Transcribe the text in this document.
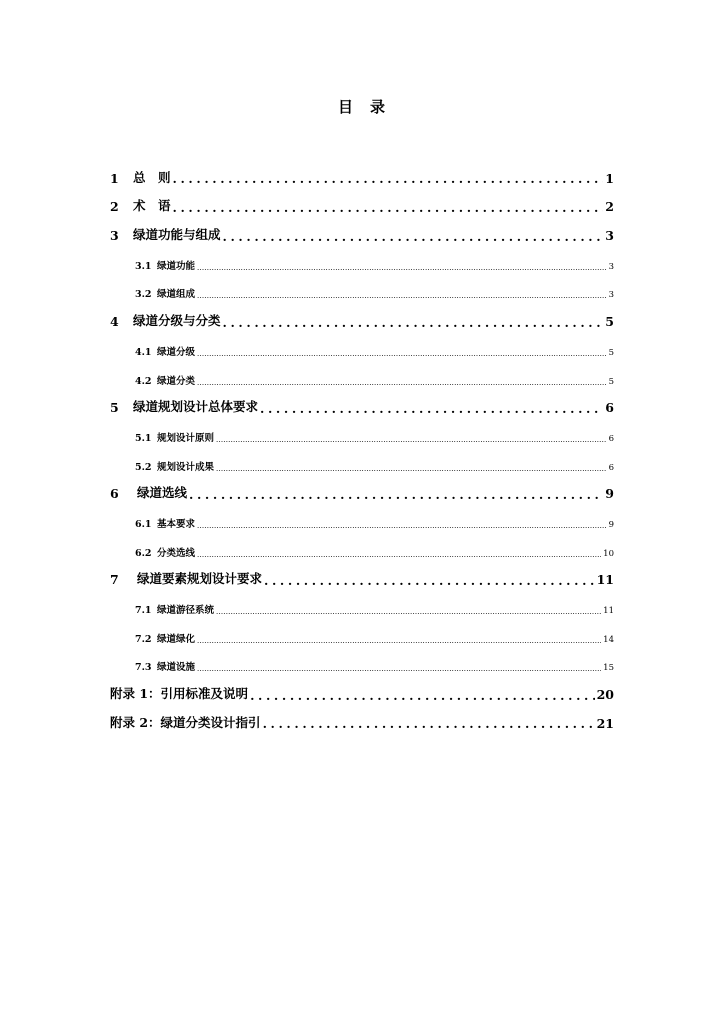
目　录
1	总　则 .....	1
2	术　语 .....	2
3	绿道功能与组成 .....	3
3.1 绿道功能 .....	3
3.2 绿道组成 .....	3
4	绿道分级与分类 .....	5
4.1 绿道分级 .....	5
4.2 绿道分类 .....	5
5	绿道规划设计总体要求 .....	6
5.1 规划设计原则 .....	6
5.2 规划设计成果 .....	6
6	绿道选线 .....	9
6.1 基本要求 .....	9
6.2 分类选线 .....	10
7	绿道要素规划设计要求 .....	11
7.1 绿道游径系统 .....	11
7.2 绿道绿化 .....	14
7.3 绿道设施 .....	15
附录 1：引用标准及说明 .....	20
附录 2：绿道分类设计指引 .....	21
